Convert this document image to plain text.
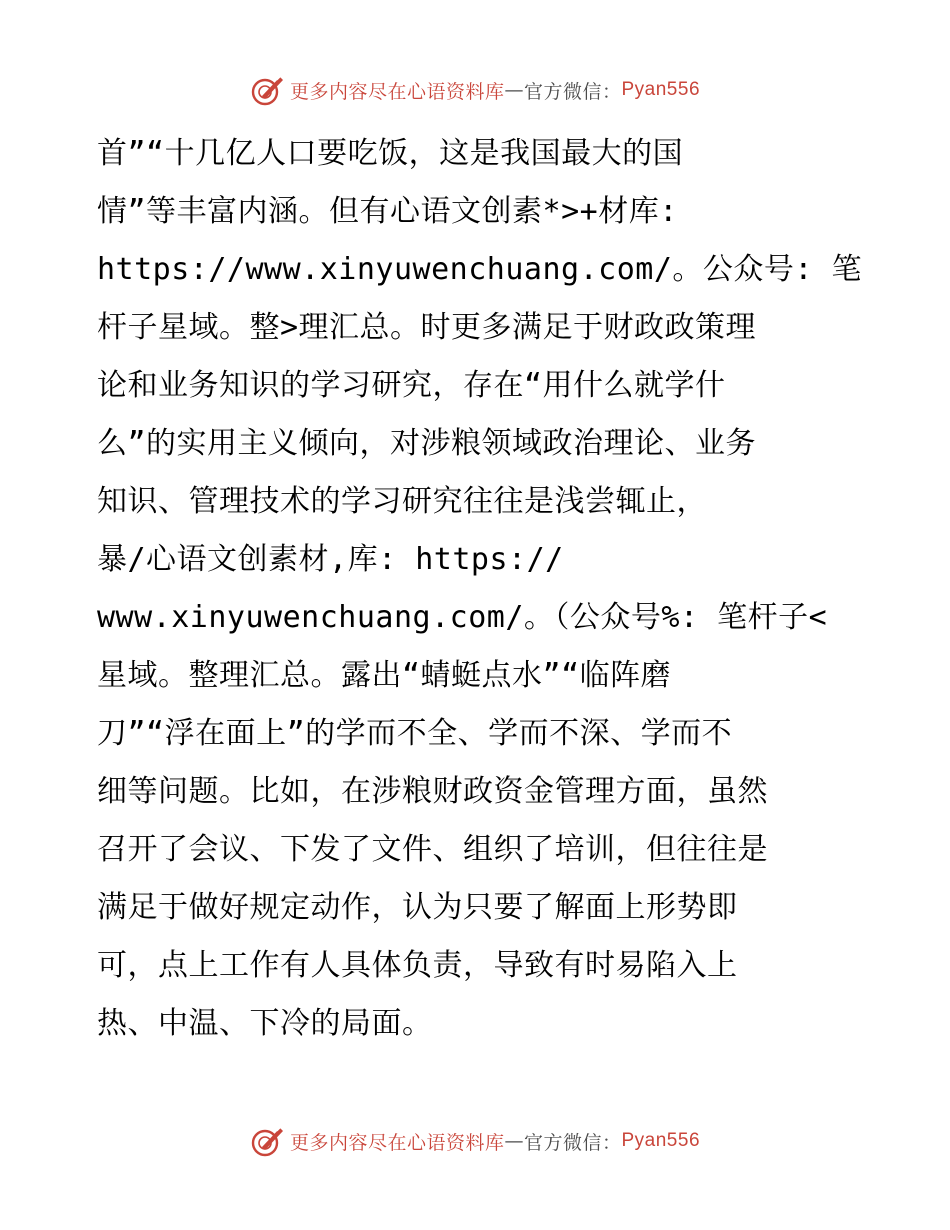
更多内容尽在心语资料库 — 官方微信： Pyan556
首”“十几亿人口要吃饭，这是我国最大的国
情”等丰富内涵。但有心语文创素*>+材库:
https://www.xinyuwenchuang.com/。公众号: 笔
杆子星域。整>理汇总。时更多满足于财政政策理
论和业务知识的学习研究，存在“用什么就学什
么”的实用主义倾向，对涉粮领域政治理论、业务
知识、管理技术的学习研究往往是浅尝辄止，
暴/心语文创素材,库: https://
www.xinyuwenchuang.com/。（公众号%: 笔杆子<
星域。整理汇总。露出“蜻蜓点水”“临阵磨
刀”“浮在面上”的学而不全、学而不深、学而不
细等问题。比如，在涉粮财政资金管理方面，虽然
召开了会议、下发了文件、组织了培训，但往往是
满足于做好规定动作，认为只要了解面上形势即
可，点上工作有人具体负责，导致有时易陷入上
热、中温、下冷的局面。
更多内容尽在心语资料库 — 官方微信： Pyan556
